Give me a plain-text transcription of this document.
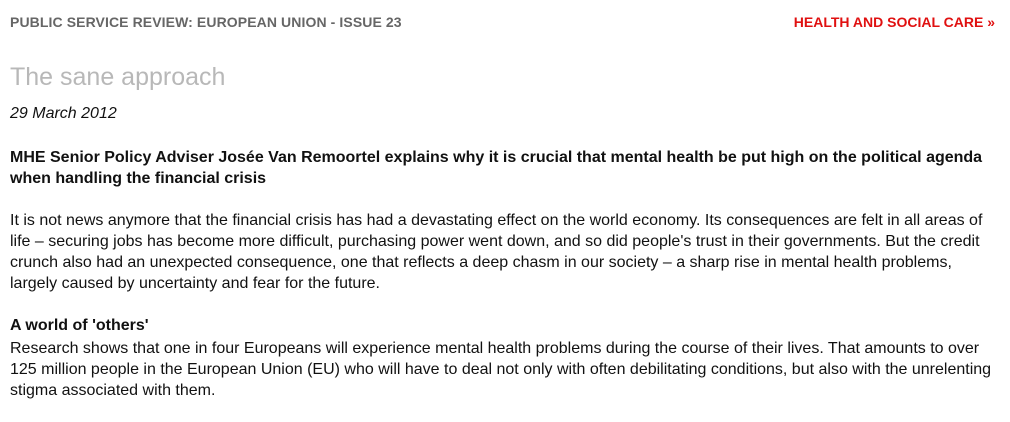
PUBLIC SERVICE REVIEW: EUROPEAN UNION - ISSUE 23	HEALTH AND SOCIAL CARE »
The sane approach
29 March 2012

MHE Senior Policy Adviser Josée Van Remoortel explains why it is crucial that mental health be put high on the political agenda when handling the financial crisis

It is not news anymore that the financial crisis has had a devastating effect on the world economy. Its consequences are felt in all areas of life – securing jobs has become more difficult, purchasing power went down, and so did people's trust in their governments. But the credit crunch also had an unexpected consequence, one that reflects a deep chasm in our society – a sharp rise in mental health problems, largely caused by uncertainty and fear for the future.

A world of 'others'

Research shows that one in four Europeans will experience mental health problems during the course of their lives. That amounts to over 125 million people in the European Union (EU) who will have to deal not only with often debilitating conditions, but also with the unrelenting stigma associated with them.
